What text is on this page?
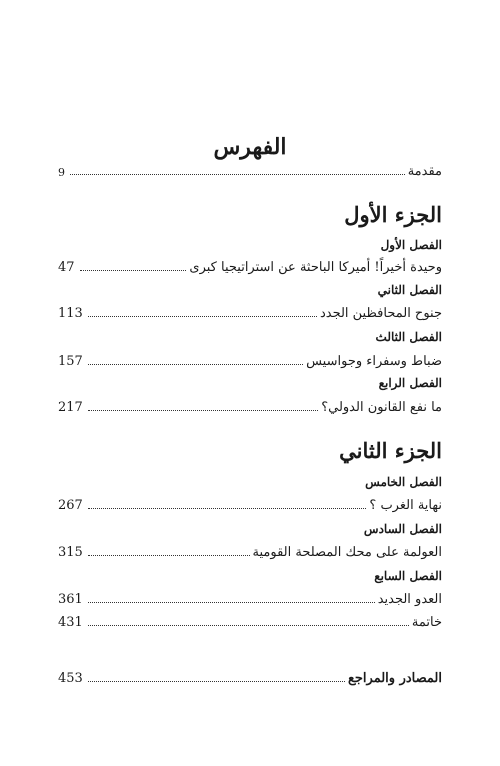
الفهرس
9	مقدمة
الجزء الأول
الفصل الأول
47	وحيدة أخيراً! أميركا الباحثة عن استراتيجيا كبرى
الفصل الثاني
113	جنوح المحافظين الجدد
الفصل الثالث
157	ضباط وسفراء وجواسيس
الفصل الرابع
217	ما نفع القانون الدولي؟
الجزء الثاني
الفصل الخامس
267	نهاية الغرب ؟
الفصل السادس
315	العولمة على محك المصلحة القومية
الفصل السابع
361	العدو الجديد
431	خاتمة
453	المصادر والمراجع
